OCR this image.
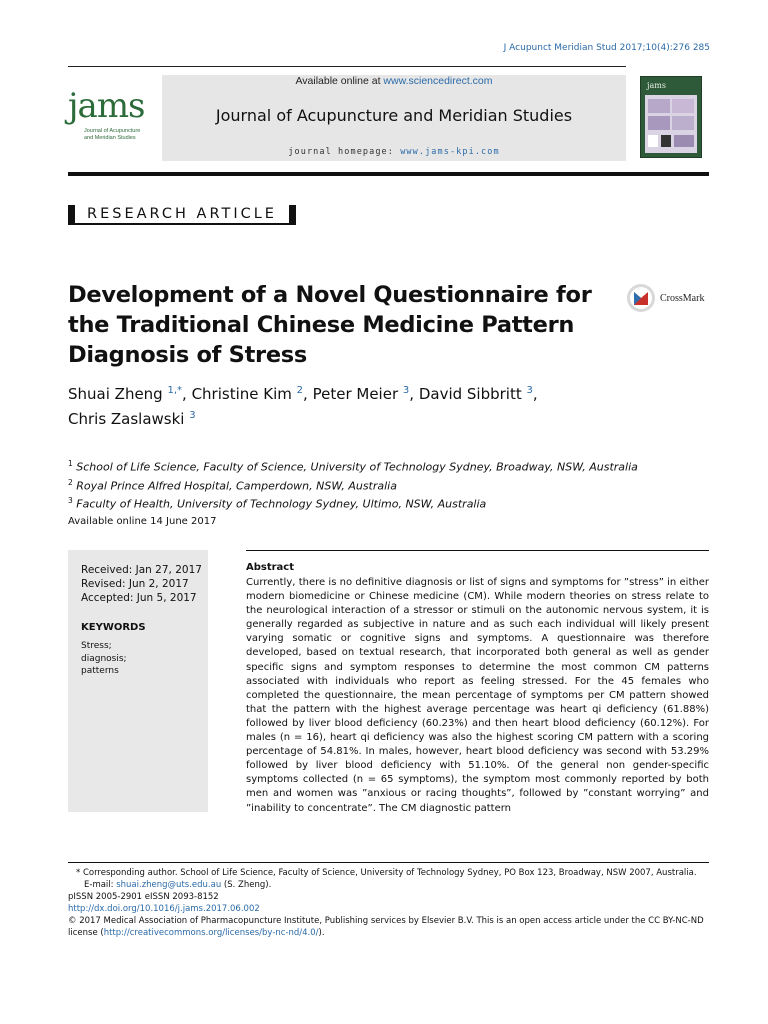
J Acupunct Meridian Stud 2017;10(4):276 285
jams
Journal of Acupuncture
and Meridian Studies
Available online at www.sciencedirect.com
Journal of Acupuncture and Meridian Studies
journal homepage: www.jams-kpi.com
jams
RESEARCH ARTICLE
Development of a Novel Questionnaire for the Traditional Chinese Medicine Pattern Diagnosis of Stress
CrossMark
Shuai Zheng $^{1,*}$, Christine Kim $^2$, Peter Meier $^3$, David Sibbritt $^3$,
Chris Zaslawski $^3$
$^1$ School of Life Science, Faculty of Science, University of Technology Sydney, Broadway, NSW, Australia
$^2$ Royal Prince Alfred Hospital, Camperdown, NSW, Australia
$^3$ Faculty of Health, University of Technology Sydney, Ultimo, NSW, Australia
Available online 14 June 2017
Received: Jan 27, 2017
Revised: Jun 2, 2017
Accepted: Jun 5, 2017
KEYWORDS
Stress;
diagnosis;
patterns
Abstract
Currently, there is no definitive diagnosis or list of signs and symptoms for ”stress” in either modern biomedicine or Chinese medicine (CM). While modern theories on stress relate to the neurological interaction of a stressor or stimuli on the autonomic nervous system, it is generally regarded as subjective in nature and as such each individual will likely present varying somatic or cognitive signs and symptoms. A questionnaire was therefore developed, based on textual research, that incorporated both general as well as gender specific signs and symptom responses to determine the most common CM patterns associated with individuals who report as feeling stressed. For the 45 females who completed the questionnaire, the mean percentage of symptoms per CM pattern showed that the pattern with the highest average percentage was heart qi deficiency (61.88%) followed by liver blood deficiency (60.23%) and then heart blood deficiency (60.12%). For males (n = 16), heart qi deficiency was also the highest scoring CM pattern with a scoring percentage of 54.81%. In males, however, heart blood deficiency was second with 53.29% followed by liver blood deficiency with 51.10%. Of the general non gender-specific symptoms collected (n = 65 symptoms), the symptom most commonly reported by both men and women was ”anxious or racing thoughts”, followed by ”constant worrying” and ”inability to concentrate”. The CM diagnostic pattern
* Corresponding author. School of Life Science, Faculty of Science, University of Technology Sydney, PO Box 123, Broadway, NSW 2007, Australia.
E-mail: shuai.zheng@uts.edu.au (S. Zheng).
pISSN 2005-2901 eISSN 2093-8152
http://dx.doi.org/10.1016/j.jams.2017.06.002
© 2017 Medical Association of Pharmacopuncture Institute, Publishing services by Elsevier B.V. This is an open access article under the CC BY-NC-ND license (http://creativecommons.org/licenses/by-nc-nd/4.0/).
